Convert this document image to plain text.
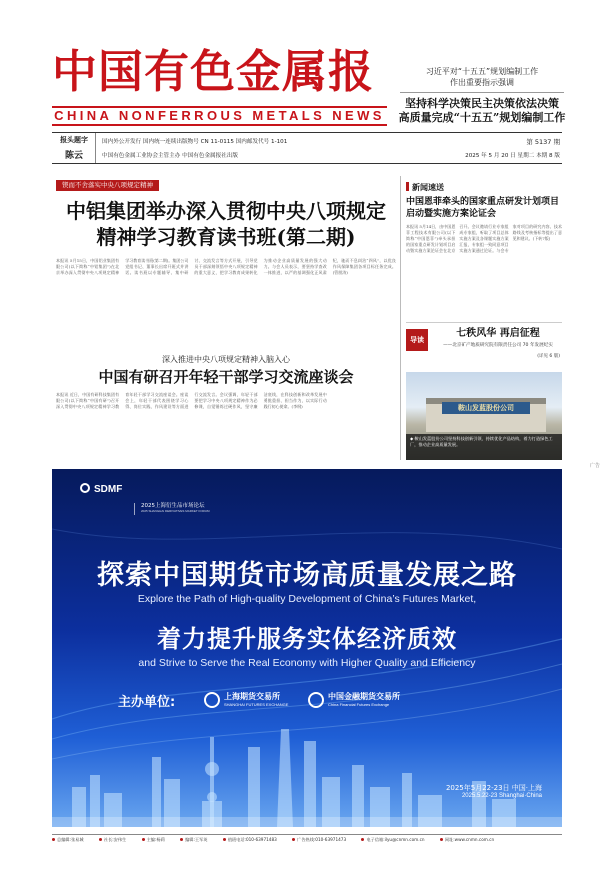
中国有色金属报
CHINA NONFERROUS METALS NEWS
习近平对“十五五”规划编制工作
作出重要指示强调
坚持科学决策民主决策依法决策
高质量完成“十五五”规划编制工作
报头题字
陈云
国内外公开发行 国内统一连续出版物号 CN 11-0115 国内邮发代号 1-101
中国有色金属工业协会主管主办 中国有色金属报社出版
第 5137 期
2025 年 5 月 20 日 星期二 本期 8 版
锲而不舍落实中央八项规定精神
中铝集团举办深入贯彻中央八项规定
精神学习教育读书班(第二期)
本报讯 5月15日，中国铝业集团有限公司(以下简称“中铝集团”)在北京举办深入贯彻中央八项规定精神学习教育读书班(第二期)。集团公司党组书记、董事长出席开班式并讲话。读书班以专题辅导、集中研讨、交流发言等方式开展，引导党员干部深刻领悟中央八项规定精神的重大意义，把学习教育成果转化为推动企业高质量发展的强大动力。与会人员表示，要坚持学查改一体推进，以严的基调强化正风肃纪，驰而不息纠治“四风”，以优良作风保障集团各项目标任务完成。(管朋涛)
深入推进中央八项规定精神入脑入心
中国有研召开年轻干部学习交流座谈会
本报讯 近日，中国有研科技集团有限公司(以下简称“中国有研”)召开深入贯彻中央八项规定精神学习教育年轻干部学习交流座谈会。座谈会上，年轻干部代表围绕学习心得、岗位实践、作风建设等方面进行交流发言。会议强调，年轻干部要把学习中央八项规定精神作为必修课，自觉锤炼过硬作风，坚守廉洁底线，在科技创新和改革发展中勇挑重担、担当作为，以实际行动践行初心使命。(李纲)
新闻速送
中国恩菲牵头的国家重点研发计划项目启动暨实施方案论证会
本报讯 5月14日，由中国恩菲工程技术有限公司(以下简称“中国恩菲”)牵头承担的国家重点研发计划项目启动暨实施方案论证会在北京召开。会议邀请行业专家组成专家组，听取了项目总体实施方案及各课题实施方案汇报，专家组一致同意项目实施方案通过论证。与会专家对项目的研究内容、技术路线及考核指标等提出了意见和建议。(下转7版)
导读
七秩风华 再启征程
——北京矿产地质研究院有限责任公司 70 年发展纪实
(详见 6 版)
鞍山发蓝股份公司
◆ 鞍山发蓝股份公司坚持科技创新引领，持续优化产品结构，着力打造绿色工厂，推动企业高质量发展。
广告
SDMF
2025上海衍生品市场论坛
2025 SHANGHAI DERIVATIVES MARKET FORUM
探索中国期货市场高质量发展之路
Explore the Path of High-quality Development of China’s Futures Market,
着力提升服务实体经济质效
and Strive to Serve the Real Economy with Higher Quality and Efficiency
主办单位:	上海期货交易所
SHANGHAI FUTURES EXCHANGE
中国金融期货交易所
China Financial Futures Exchange
2025年5月22-23日 中国·上海
2025.5.22-23 Shanghai·China
总编辑:张易城	社长:安伟生	主编:杨莉	编辑:王军英	值班电话:010-63971483	广告热线:010-63971473	电子信箱:ilyu@cnmn.com.cn	网址:www.cnmn.com.cn
